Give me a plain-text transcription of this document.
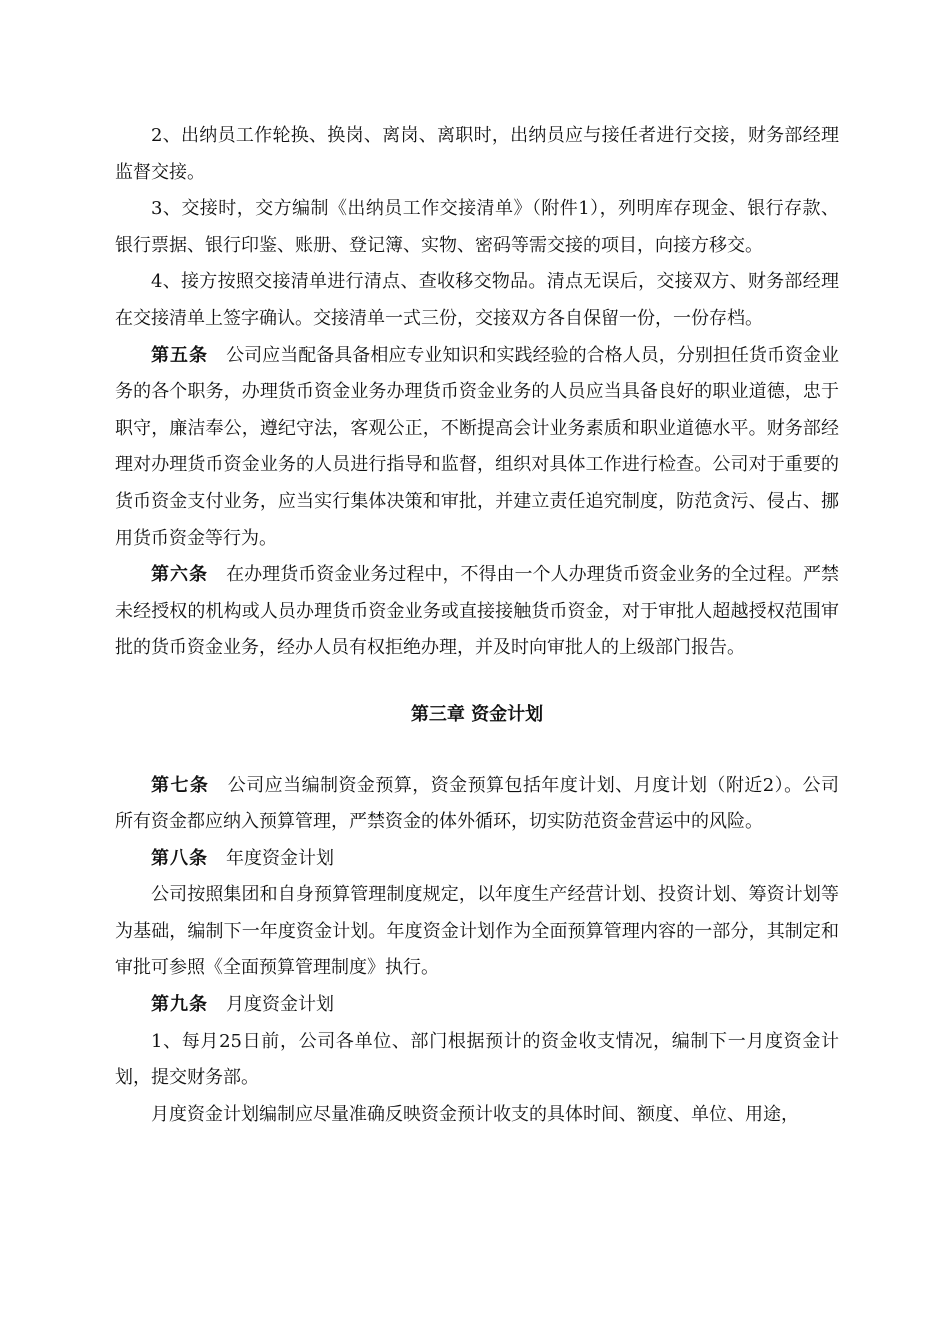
2、出纳员工作轮换、换岗、离岗、离职时，出纳员应与接任者进行交接，财务部经理监督交接。

3、交接时，交方编制《出纳员工作交接清单》（附件1），列明库存现金、银行存款、银行票据、银行印鉴、账册、登记簿、实物、密码等需交接的项目，向接方移交。

4、接方按照交接清单进行清点、查收移交物品。清点无误后，交接双方、财务部经理在交接清单上签字确认。交接清单一式三份，交接双方各自保留一份，一份存档。

第五条 公司应当配备具备相应专业知识和实践经验的合格人员，分别担任货币资金业务的各个职务，办理货币资金业务办理货币资金业务的人员应当具备良好的职业道德，忠于职守，廉洁奉公，遵纪守法，客观公正，不断提高会计业务素质和职业道德水平。财务部经理对办理货币资金业务的人员进行指导和监督，组织对具体工作进行检查。公司对于重要的货币资金支付业务，应当实行集体决策和审批，并建立责任追究制度，防范贪污、侵占、挪用货币资金等行为。

第六条 在办理货币资金业务过程中，不得由一个人办理货币资金业务的全过程。严禁未经授权的机构或人员办理货币资金业务或直接接触货币资金，对于审批人超越授权范围审批的货币资金业务，经办人员有权拒绝办理，并及时向审批人的上级部门报告。

第三章 资金计划

第七条 公司应当编制资金预算，资金预算包括年度计划、月度计划（附近2）。公司所有资金都应纳入预算管理，严禁资金的体外循环，切实防范资金营运中的风险。

第八条 年度资金计划

公司按照集团和自身预算管理制度规定，以年度生产经营计划、投资计划、筹资计划等为基础，编制下一年度资金计划。年度资金计划作为全面预算管理内容的一部分，其制定和审批可参照《全面预算管理制度》执行。

第九条 月度资金计划

1、每月25日前，公司各单位、部门根据预计的资金收支情况，编制下一月度资金计划，提交财务部。

月度资金计划编制应尽量准确反映资金预计收支的具体时间、额度、单位、用途，
